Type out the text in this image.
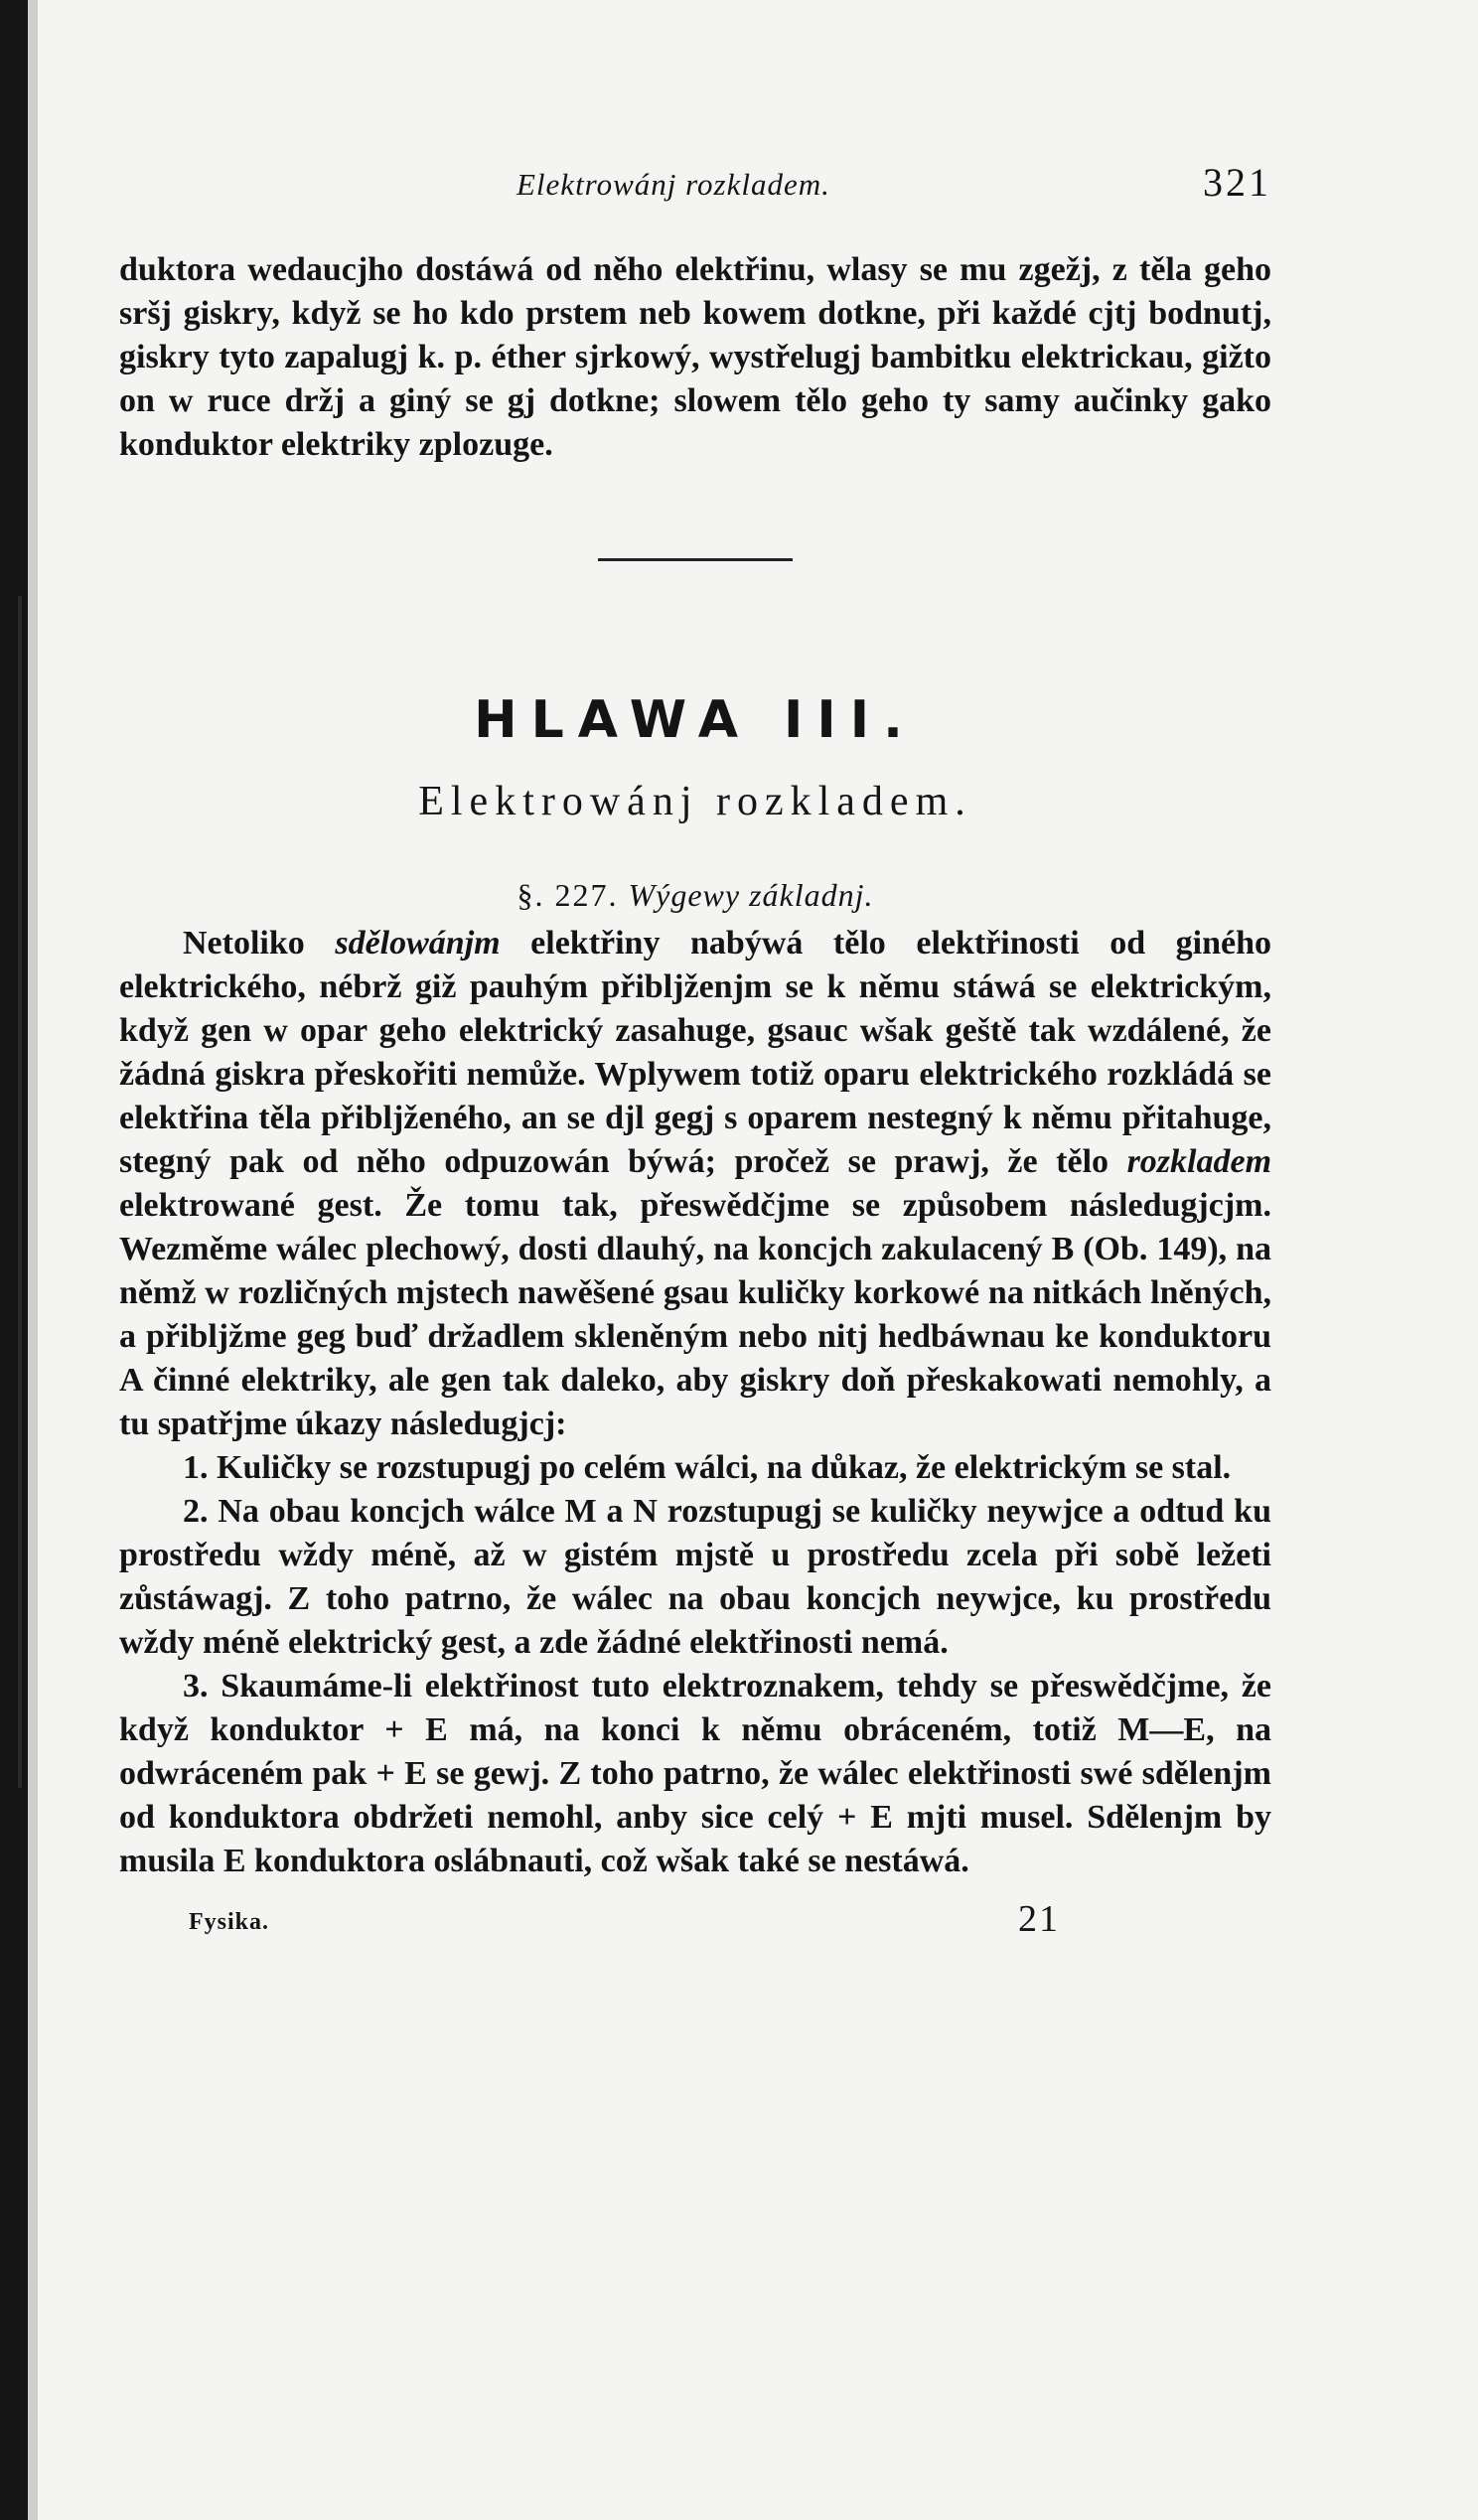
Elektrowánj rozkladem.	321

duktora wedaucjho dostáwá od něho elektřinu, wlasy se mu zgežj, z těla geho sršj giskry, když se ho kdo prstem neb kowem dotkne, při každé cjtj bodnutj, giskry tyto zapalugj k. p. éther sjrkowý, wystřelugj bambitku elektrickau, gižto on w ruce držj a giný se gj dotkne; slowem tělo geho ty samy aučinky gako konduktor elektriky zplozuge.

HLAWA III.
Elektrowánj rozkladem.
§. 227. Wýgewy základnj.

Netoliko sdělowánjm elektřiny nabýwá tělo elektřinosti od giného elektrického, nébrž giž pauhým přibljženjm se k němu stáwá se elektrickým, když gen w opar geho elektrický zasahuge, gsauc wšak geště tak wzdálené, že žádná giskra přeskořiti nemůže. Wplywem totiž oparu elektrického rozkládá se elektřina těla přibljženého, an se djl gegj s oparem nestegný k němu přitahuge, stegný pak od něho odpuzowán býwá; pročež se prawj, že tělo rozkladem elektrowané gest. Že tomu tak, přeswědčjme se způsobem následugjcjm. Wezměme wálec plechowý, dosti dlauhý, na koncjch zakulacený B (Ob. 149), na němž w rozličných mjstech nawěšené gsau kuličky korkowé na nitkách lněných, a přibljžme geg buď držadlem skleněným nebo nitj hedbáwnau ke konduktoru A činné elektriky, ale gen tak daleko, aby giskry doň přeskakowati nemohly, a tu spatřjme úkazy následugjcj:

1. Kuličky se rozstupugj po celém wálci, na důkaz, že elektrickým se stal.

2. Na obau koncjch wálce M a N rozstupugj se kuličky neywjce a odtud ku prostředu wždy méně, až w gistém mjstě u prostředu zcela při sobě ležeti zůstáwagj. Z toho patrno, že wálec na obau koncjch neywjce, ku prostředu wždy méně elektrický gest, a zde žádné elektřinosti nemá.

3. Skaumáme-li elektřinost tuto elektroznakem, tehdy se přeswědčjme, že když konduktor + E má, na konci k němu obráceném, totiž M—E, na odwráceném pak + E se gewj. Z toho patrno, že wálec elektřinosti swé sdělenjm od konduktora obdržeti nemohl, anby sice celý + E mjti musel. Sdělenjm by musila E konduktora oslábnauti, což wšak také se nestáwá.

Fysika.	21
